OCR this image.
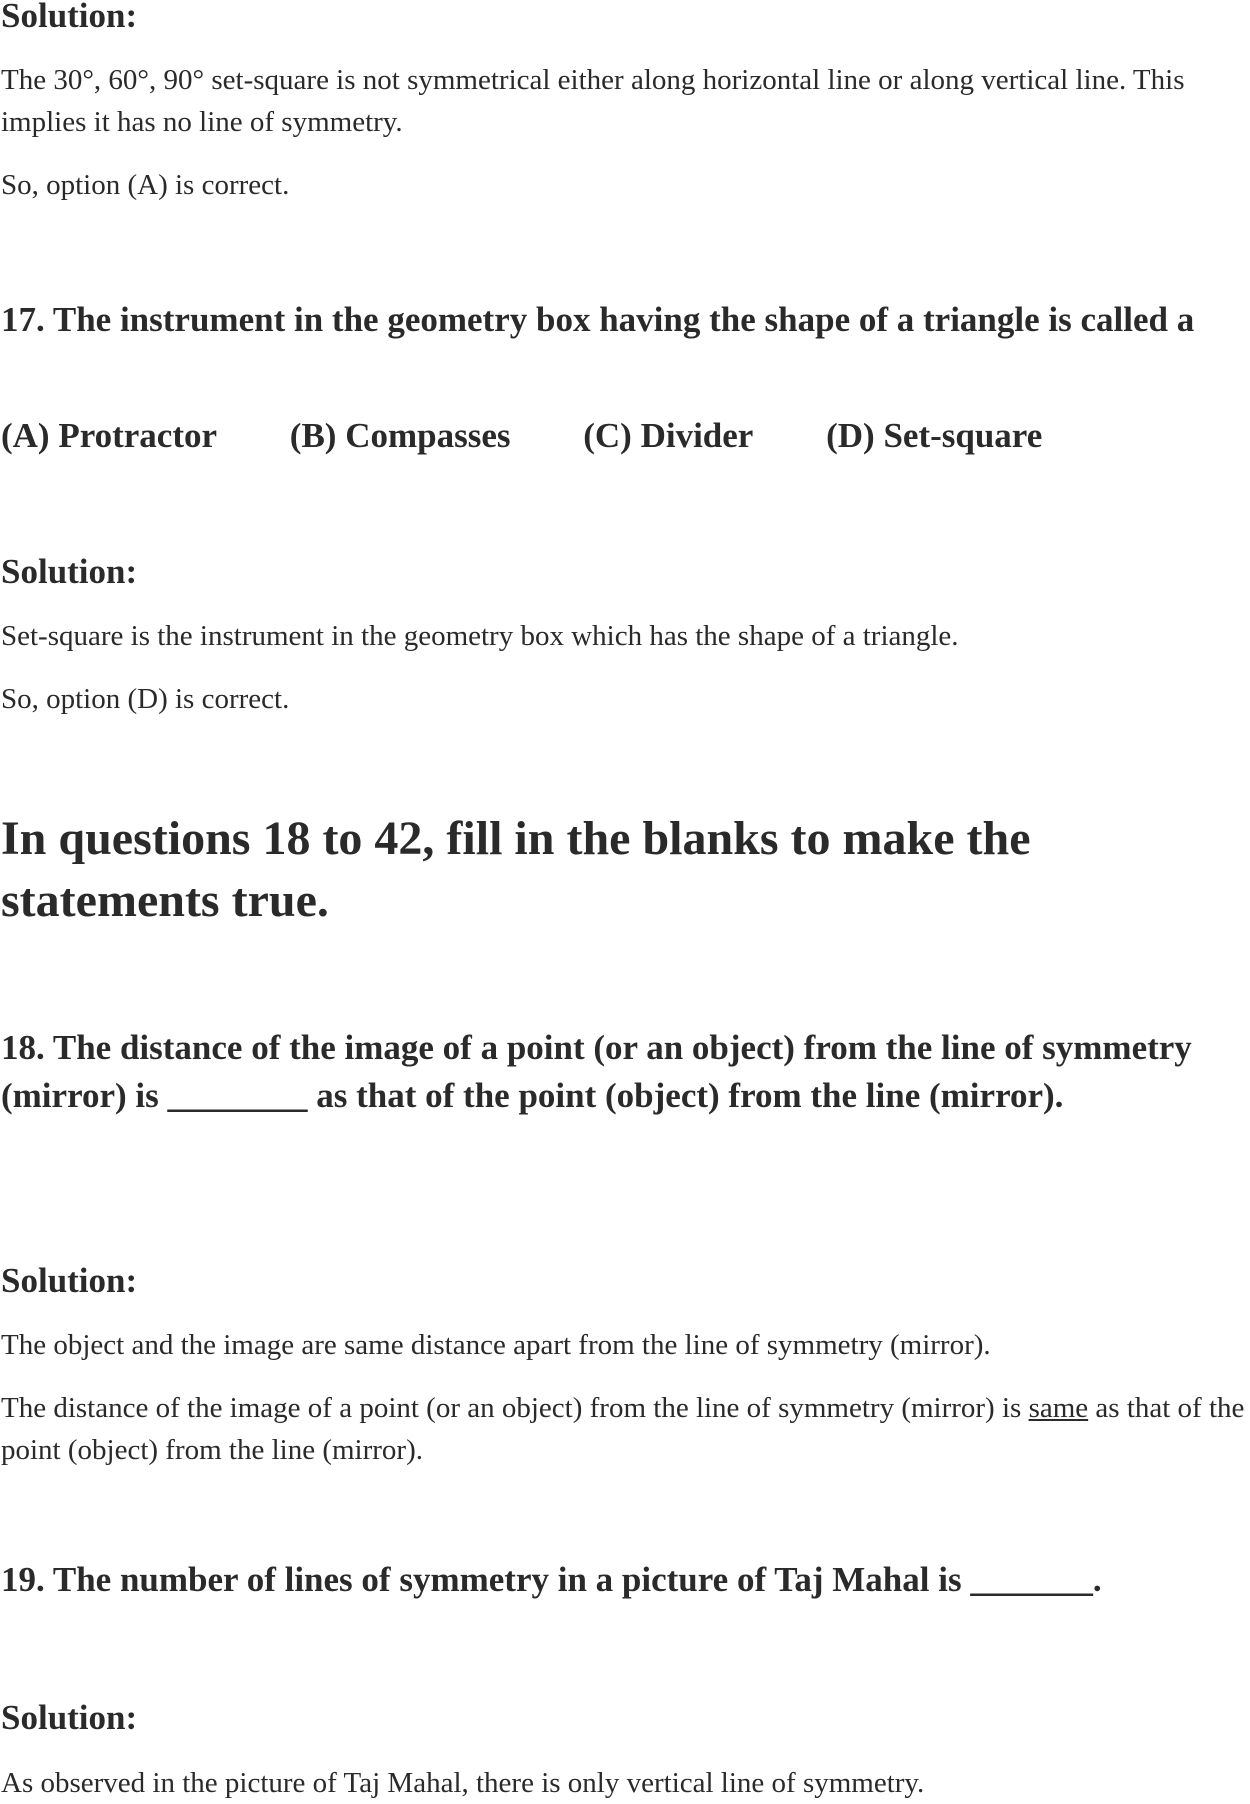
Solution:

The 30°, 60°, 90° set-square is not symmetrical either along horizontal line or along vertical line. This implies it has no line of symmetry.

So, option (A) is correct.

17. The instrument in the geometry box having the shape of a triangle is called a

(A) Protractor (B) Compasses (C) Divider (D) Set-square
Solution:

Set-square is the instrument in the geometry box which has the shape of a triangle.

So, option (D) is correct.

In questions 18 to 42, fill in the blanks to make the statements true.

18. The distance of the image of a point (or an object) from the line of symmetry (mirror) is ________ as that of the point (object) from the line (mirror).

Solution:

The object and the image are same distance apart from the line of symmetry (mirror).

The distance of the image of a point (or an object) from the line of symmetry (mirror) is same as that of the point (object) from the line (mirror).

19. The number of lines of symmetry in a picture of Taj Mahal is _______.

Solution:

As observed in the picture of Taj Mahal, there is only vertical line of symmetry.
